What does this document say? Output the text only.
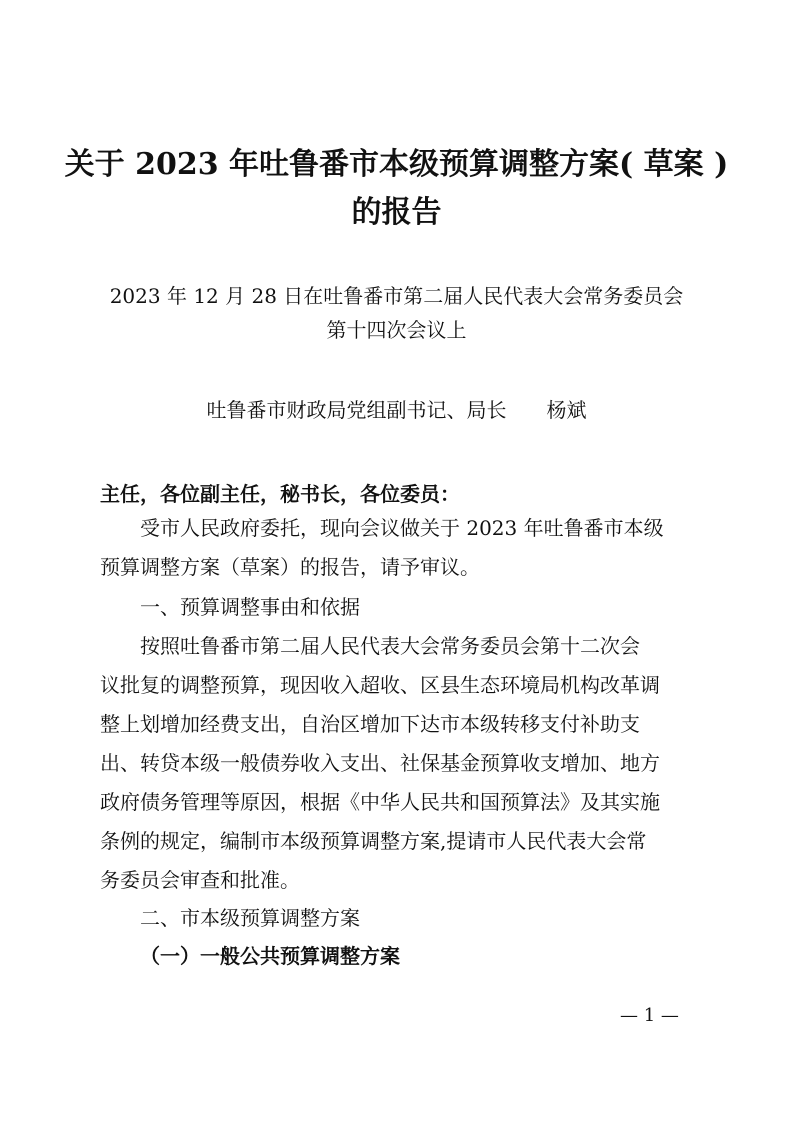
关于 2023 年吐鲁番市本级预算调整方案( 草案 )
的报告
2023 年 12 月 28 日在吐鲁番市第二届人民代表大会常务委员会
第十四次会议上
吐鲁番市财政局党组副书记、局长 杨斌
主任，各位副主任，秘书长，各位委员：
受市人民政府委托，现向会议做关于 2023 年吐鲁番市本级
预算调整方案（草案）的报告，请予审议。
一、预算调整事由和依据
按照吐鲁番市第二届人民代表大会常务委员会第十二次会
议批复的调整预算，现因收入超收、区县生态环境局机构改革调
整上划增加经费支出，自治区增加下达市本级转移支付补助支
出、转贷本级一般债券收入支出、社保基金预算收支增加、地方
政府债务管理等原因，根据《中华人民共和国预算法》及其实施
条例的规定，编制市本级预算调整方案,提请市人民代表大会常
务委员会审查和批准。
二、市本级预算调整方案
（一）一般公共预算调整方案
— 1 —
